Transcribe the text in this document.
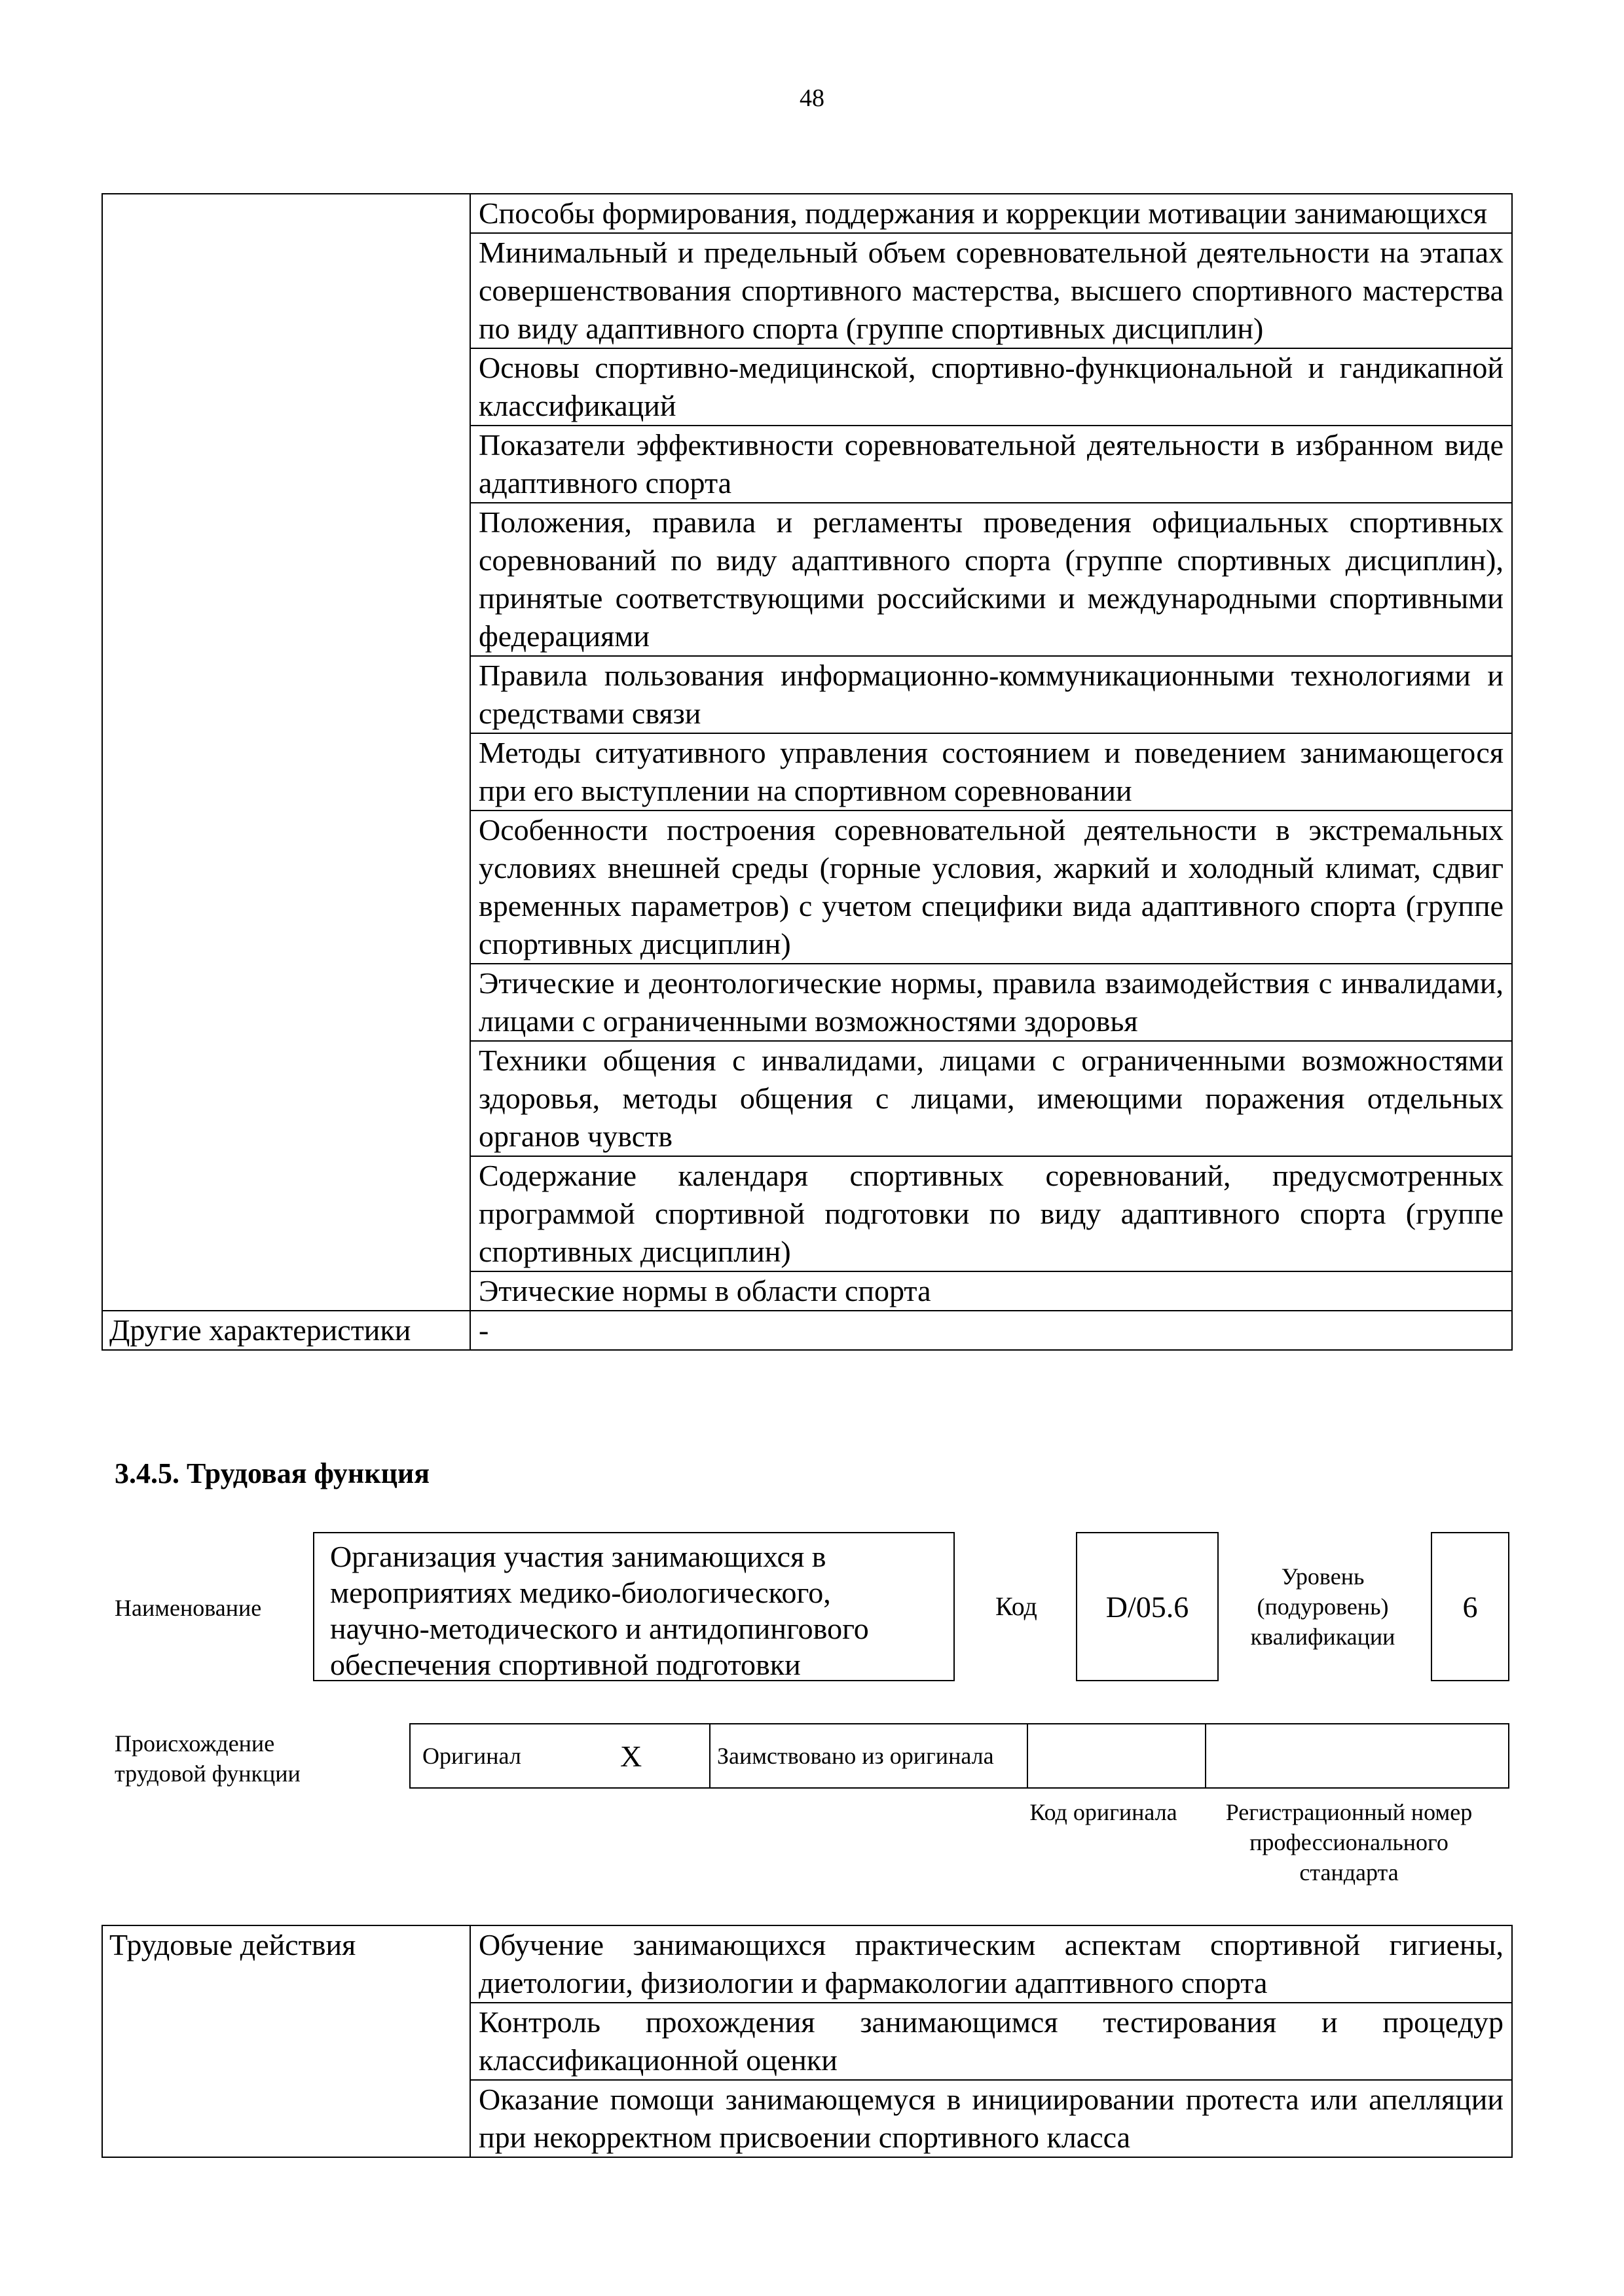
48
	Способы формирования, поддержания и коррекции мотивации занимающихся
	Минимальный и предельный объем соревновательной деятельности на этапах совершенствования спортивного мастерства, высшего спортивного мастерства по виду адаптивного спорта (группе спортивных дисциплин)
	Основы спортивно-медицинской, спортивно-функциональной и гандикапной классификаций
	Показатели эффективности соревновательной деятельности в избранном виде адаптивного спорта
	Положения, правила и регламенты проведения официальных спортивных соревнований по виду адаптивного спорта (группе спортивных дисциплин), принятые соответствующими российскими и международными спортивными федерациями
	Правила пользования информационно-коммуникационными технологиями и средствами связи
	Методы ситуативного управления состоянием и поведением занимающегося при его выступлении на спортивном соревновании
	Особенности построения соревновательной деятельности в экстремальных условиях внешней среды (горные условия, жаркий и холодный климат, сдвиг временных параметров) с учетом специфики вида адаптивного спорта (группе спортивных дисциплин)
	Этические и деонтологические нормы, правила взаимодействия с инвалидами, лицами с ограниченными возможностями здоровья
	Техники общения с инвалидами, лицами с ограниченными возможностями здоровья, методы общения с лицами, имеющими поражения отдельных органов чувств
	Содержание календаря спортивных соревнований, предусмотренных программой спортивной подготовки по виду адаптивного спорта (группе спортивных дисциплин)
	Этические нормы в области спорта
Другие характеристики	-
3.4.5. Трудовая функция
Наименование
Организация участия занимающихся в мероприятиях медико-биологического, научно-методического и антидопингового обеспечения спортивной подготовки
Код	D/05.6
Уровень (подуровень) квалификации
6
Происхождение трудовой функции
Оригинал	X	Заимствовано из оригинала		
Код оригинала	Регистрационный номер профессионального стандарта
Трудовые действия	Обучение занимающихся практическим аспектам спортивной гигиены, диетологии, физиологии и фармакологии адаптивного спорта
Контроль прохождения занимающимся тестирования и процедур классификационной оценки
Оказание помощи занимающемуся в инициировании протеста или апелляции при некорректном присвоении спортивного класса
